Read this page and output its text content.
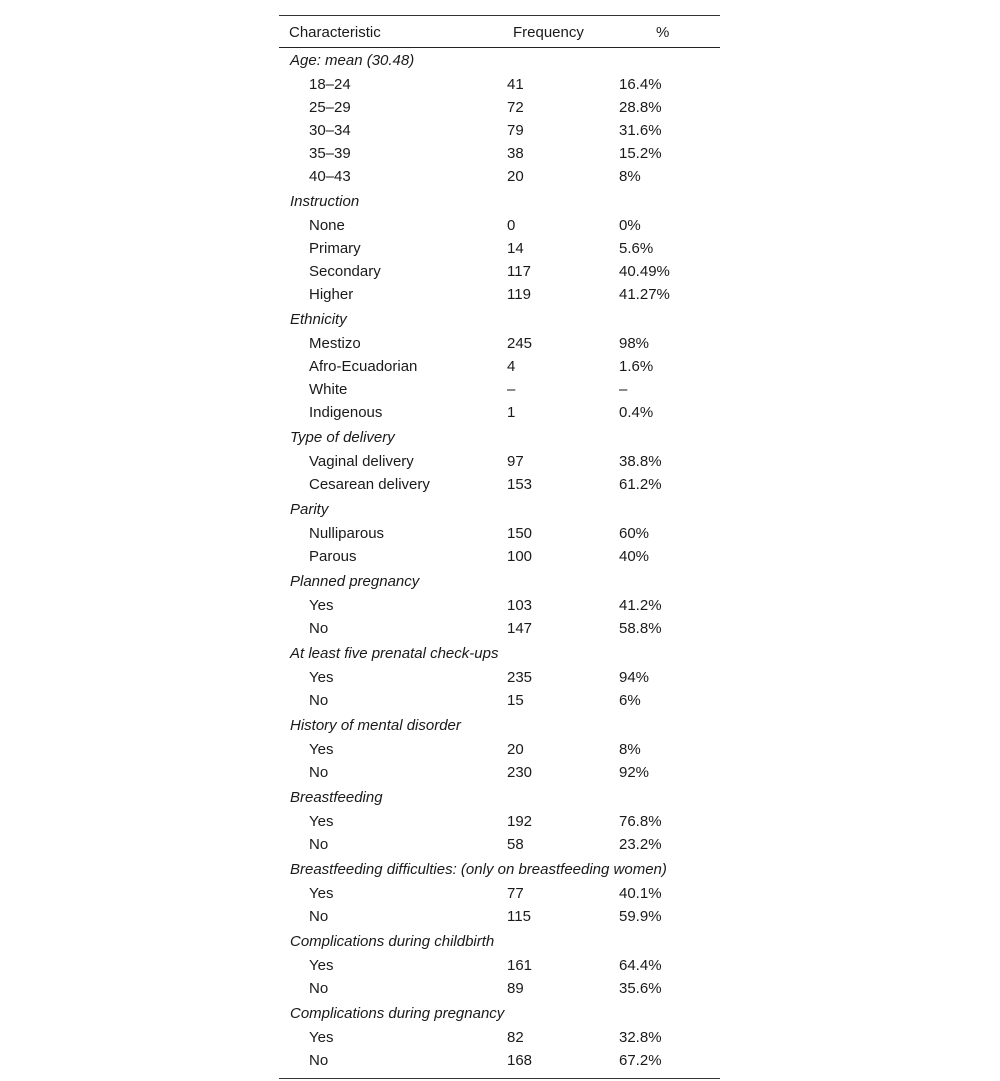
Characteristic	Frequency	%
Age: mean (30.48)
18–24	41	16.4%
25–29	72	28.8%
30–34	79	31.6%
35–39	38	15.2%
40–43	20	8%
Instruction
None	0	0%
Primary	14	5.6%
Secondary	117	40.49%
Higher	119	41.27%
Ethnicity
Mestizo	245	98%
Afro-Ecuadorian	4	1.6%
White	–	–
Indigenous	1	0.4%
Type of delivery
Vaginal delivery	97	38.8%
Cesarean delivery	153	61.2%
Parity
Nulliparous	150	60%
Parous	100	40%
Planned pregnancy
Yes	103	41.2%
No	147	58.8%
At least five prenatal check-ups
Yes	235	94%
No	15	6%
History of mental disorder
Yes	20	8%
No	230	92%
Breastfeeding
Yes	192	76.8%
No	58	23.2%
Breastfeeding difficulties: (only on breastfeeding women)
Yes	77	40.1%
No	115	59.9%
Complications during childbirth
Yes	161	64.4%
No	89	35.6%
Complications during pregnancy
Yes	82	32.8%
No	168	67.2%
